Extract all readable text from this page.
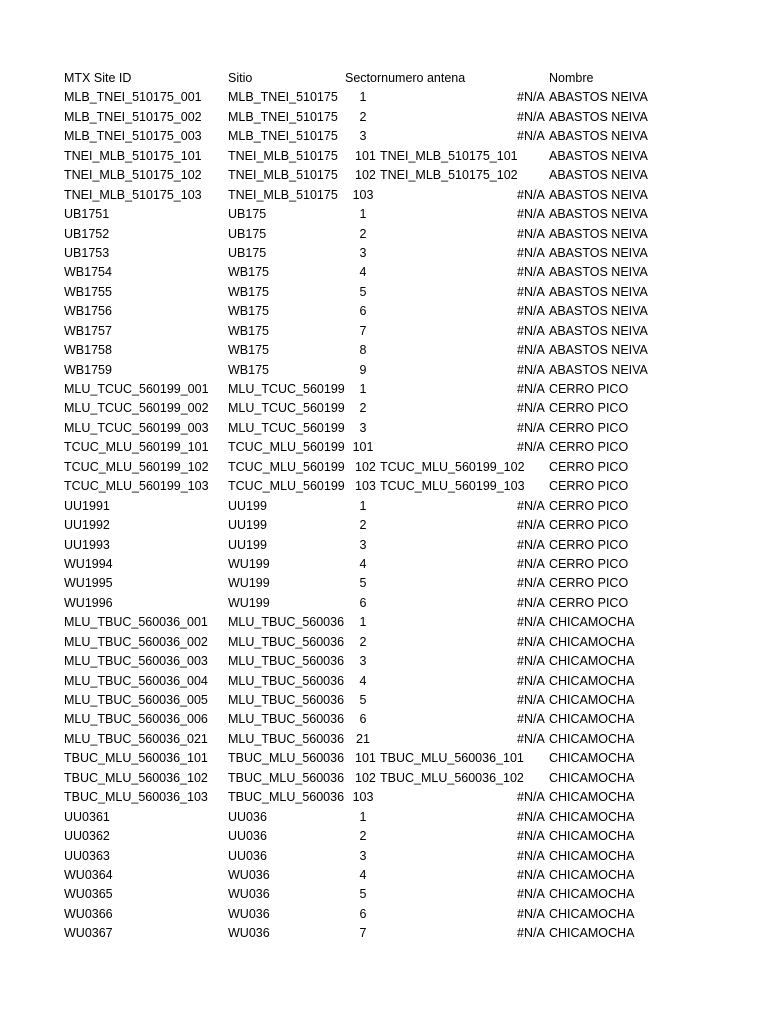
MTX Site ID	Sitio	Sectornumero antena	Nombre
MLB_TNEI_510175_001 MLB_TNEI_510175	1	#N/A ABASTOS NEIVA
MLB_TNEI_510175_002 MLB_TNEI_510175	2	#N/A ABASTOS NEIVA
MLB_TNEI_510175_003 MLB_TNEI_510175	3	#N/A ABASTOS NEIVA
TNEI_MLB_510175_101 TNEI_MLB_510175 101 TNEI_MLB_510175_101	ABASTOS NEIVA
TNEI_MLB_510175_102 TNEI_MLB_510175 102 TNEI_MLB_510175_102	ABASTOS NEIVA
TNEI_MLB_510175_103 TNEI_MLB_510175	103	#N/A ABASTOS NEIVA
UB1751	UB175	1	#N/A ABASTOS NEIVA
UB1752	UB175	2	#N/A ABASTOS NEIVA
UB1753	UB175	3	#N/A ABASTOS NEIVA
WB1754	WB175	4	#N/A ABASTOS NEIVA
WB1755	WB175	5	#N/A ABASTOS NEIVA
WB1756	WB175	6	#N/A ABASTOS NEIVA
WB1757	WB175	7	#N/A ABASTOS NEIVA
WB1758	WB175	8	#N/A ABASTOS NEIVA
WB1759	WB175	9	#N/A ABASTOS NEIVA
MLU_TCUC_560199_001 MLU_TCUC_560199	1	#N/A CERRO PICO
MLU_TCUC_560199_002 MLU_TCUC_560199	2	#N/A CERRO PICO
MLU_TCUC_560199_003 MLU_TCUC_560199	3	#N/A CERRO PICO
TCUC_MLU_560199_101 TCUC_MLU_560199 101	#N/A CERRO PICO
TCUC_MLU_560199_102 TCUC_MLU_560199 102 TCUC_MLU_560199_102 CERRO PICO
TCUC_MLU_560199_103 TCUC_MLU_560199 103 TCUC_MLU_560199_103 CERRO PICO
UU1991	UU199	1	#N/A CERRO PICO
UU1992	UU199	2	#N/A CERRO PICO
UU1993	UU199	3	#N/A CERRO PICO
WU1994	WU199	4	#N/A CERRO PICO
WU1995	WU199	5	#N/A CERRO PICO
WU1996	WU199	6	#N/A CERRO PICO
MLU_TBUC_560036_001 MLU_TBUC_560036	1	#N/A CHICAMOCHA
MLU_TBUC_560036_002 MLU_TBUC_560036	2	#N/A CHICAMOCHA
MLU_TBUC_560036_003 MLU_TBUC_560036	3	#N/A CHICAMOCHA
MLU_TBUC_560036_004 MLU_TBUC_560036	4	#N/A CHICAMOCHA
MLU_TBUC_560036_005 MLU_TBUC_560036	5	#N/A CHICAMOCHA
MLU_TBUC_560036_006 MLU_TBUC_560036	6	#N/A CHICAMOCHA
MLU_TBUC_560036_021 MLU_TBUC_560036 21	#N/A CHICAMOCHA
TBUC_MLU_560036_101 TBUC_MLU_560036 101 TBUC_MLU_560036_101 CHICAMOCHA
TBUC_MLU_560036_102 TBUC_MLU_560036 102 TBUC_MLU_560036_102 CHICAMOCHA
TBUC_MLU_560036_103 TBUC_MLU_560036 103	#N/A CHICAMOCHA
UU0361	UU036	1	#N/A CHICAMOCHA
UU0362	UU036	2	#N/A CHICAMOCHA
UU0363	UU036	3	#N/A CHICAMOCHA
WU0364	WU036	4	#N/A CHICAMOCHA
WU0365	WU036	5	#N/A CHICAMOCHA
WU0366	WU036	6	#N/A CHICAMOCHA
WU0367	WU036	7	#N/A CHICAMOCHA
